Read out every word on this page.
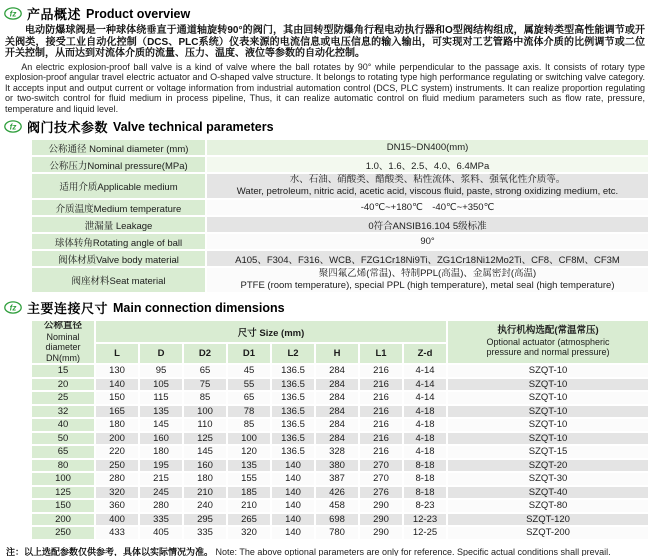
fz 产品概述 Product overview

电动防爆球阀是一种球体绕垂直于通道轴旋转90°的阀门，其由回转型防爆角行程电动执行器和O型阀结构组成，属旋转类型高性能调节或开关阀类，接受工业自动化控制（DCS、PLC系统）仪表来源的电流信息或电压信息的输入输出，可实现对工艺管路中流体介质的比例调节或二位开关控制，从而达到对流体介质的流量、压力、温度、液位等参数的自动化控制。

An electric explosion-proof ball valve is a kind of valve where the ball rotates by 90° while perpendicular to the passage axis. It consists of rotary type explosion-proof angular travel electric actuator and O-shaped valve structure. It belongs to rotating type high performance regulating or switching valve category. It accepts input and output current or voltage information from industrial automation control (DCS, PLC system) instruments. It can realize proportion regulating or two-switch control for fluid medium in process pipeline, Thus, it can realize automatic control on fluid medium parameters such as flow rate, pressure, temperature and liquid level.

fz 阀门技术参数 Valve technical parameters
公称通径 Nominal diameter (mm)	DN15~DN400(mm)
公称压力Nominal pressure(MPa)	1.0、1.6、2.5、4.0、6.4MPa
适用介质Applicable medium	水、石油、硝酸类、醋酸类、粘性流体、浆料、强氧化性介质等。
Water, petroleum, nitric acid, acetic acid, viscous fluid, paste, strong oxidizing medium, etc.

介质温度Medium temperature	-40℃~+180℃ -40℃~+350℃
泄漏量 Leakage	0符合ANSIB16.104 5级标准
球体转角Rotating angle of ball	90°
阀体材质Valve body material	A105、F304、F316、WCB、FZG1Cr18Ni9Ti、ZG1Cr18Ni12Mo2Ti、CF8、CF8M、CF3M
阀座材料Seat material	聚四氟乙烯(常温)、特制PPL(高温)、金属密封(高温)
PTFE (room temperature), special PPL (high temperature), metal seal (high temperature)
fz 主要连接尺寸 Main connection dimensions
公称直径
Nominal diameter
DN(mm)
	尺寸 Size (mm)	执行机构选配(常温常压)
Optional actuator (atmospheric
pressure and normal pressure)

	L	D	D2	D1	L2	H	L1	Z-d	
15	130	95	65	45	136.5	284	216	4-14	SZQT-10
20	140	105	75	55	136.5	284	216	4-14	SZQT-10
25	150	115	85	65	136.5	284	216	4-14	SZQT-10
32	165	135	100	78	136.5	284	216	4-18	SZQT-10
40	180	145	110	85	136.5	284	216	4-18	SZQT-10
50	200	160	125	100	136.5	284	216	4-18	SZQT-10
65	220	180	145	120	136.5	328	216	4-18	SZQT-15
80	250	195	160	135	140	380	270	8-18	SZQT-20
100	280	215	180	155	140	387	270	8-18	SZQT-30
125	320	245	210	185	140	426	276	8-18	SZQT-40
150	360	280	240	210	140	458	290	8-23	SZQT-80
200	400	335	295	265	140	698	290	12-23	SZQT-120
250	433	405	335	320	140	780	290	12-25	SZQT-200

注：以上选配参数仅供参考，具体以实际情况为准。 Note: The above optional parameters are only for reference. Specific actual conditions shall prevail.
